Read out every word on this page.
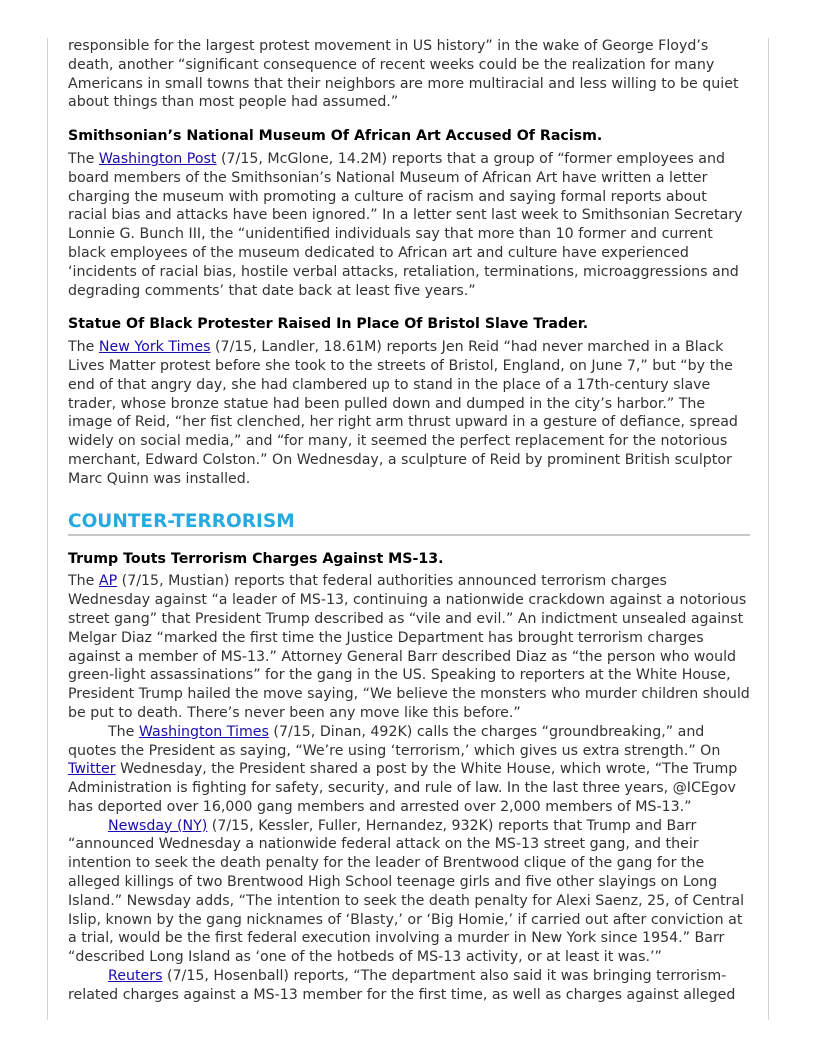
responsible for the largest protest movement in US history” in the wake of George Floyd’s death, another “significant consequence of recent weeks could be the realization for many Americans in small towns that their neighbors are more multiracial and less willing to be quiet about things than most people had assumed.”

Smithsonian’s National Museum Of African Art Accused Of Racism.

The Washington Post (7/15, McGlone, 14.2M) reports that a group of “former employees and board members of the Smithsonian’s National Museum of African Art have written a letter charging the museum with promoting a culture of racism and saying formal reports about racial bias and attacks have been ignored.” In a letter sent last week to Smithsonian Secretary Lonnie G. Bunch III, the “unidentified individuals say that more than 10 former and current black employees of the museum dedicated to African art and culture have experienced ‘incidents of racial bias, hostile verbal attacks, retaliation, terminations, microaggressions and degrading comments’ that date back at least five years.”

Statue Of Black Protester Raised In Place Of Bristol Slave Trader.

The New York Times (7/15, Landler, 18.61M) reports Jen Reid “had never marched in a Black Lives Matter protest before she took to the streets of Bristol, England, on June 7,” but “by the end of that angry day, she had clambered up to stand in the place of a 17th-century slave trader, whose bronze statue had been pulled down and dumped in the city’s harbor.” The image of Reid, “her fist clenched, her right arm thrust upward in a gesture of defiance, spread widely on social media,” and “for many, it seemed the perfect replacement for the notorious merchant, Edward Colston.” On Wednesday, a sculpture of Reid by prominent British sculptor Marc Quinn was installed.

COUNTER-TERRORISM
Trump Touts Terrorism Charges Against MS-13.

The AP (7/15, Mustian) reports that federal authorities announced terrorism charges Wednesday against “a leader of MS-13, continuing a nationwide crackdown against a notorious street gang” that President Trump described as “vile and evil.” An indictment unsealed against Melgar Diaz “marked the first time the Justice Department has brought terrorism charges against a member of MS-13.” Attorney General Barr described Diaz as “the person who would green-light assassinations” for the gang in the US. Speaking to reporters at the White House, President Trump hailed the move saying, “We believe the monsters who murder children should be put to death. There’s never been any move like this before.”

The Washington Times (7/15, Dinan, 492K) calls the charges “groundbreaking,” and quotes the President as saying, “We’re using ‘terrorism,’ which gives us extra strength.” On Twitter Wednesday, the President shared a post by the White House, which wrote, “The Trump Administration is fighting for safety, security, and rule of law. In the last three years, @ICEgov has deported over 16,000 gang members and arrested over 2,000 members of MS-13.”

Newsday (NY) (7/15, Kessler, Fuller, Hernandez, 932K) reports that Trump and Barr “announced Wednesday a nationwide federal attack on the MS-13 street gang, and their intention to seek the death penalty for the leader of Brentwood clique of the gang for the alleged killings of two Brentwood High School teenage girls and five other slayings on Long Island.” Newsday adds, “The intention to seek the death penalty for Alexi Saenz, 25, of Central Islip, known by the gang nicknames of ‘Blasty,’ or ‘Big Homie,’ if carried out after conviction at a trial, would be the first federal execution involving a murder in New York since 1954.” Barr “described Long Island as ‘one of the hotbeds of MS-13 activity, or at least it was.’”

Reuters (7/15, Hosenball) reports, “The department also said it was bringing terrorism-related charges against a MS-13 member for the first time, as well as charges against alleged
